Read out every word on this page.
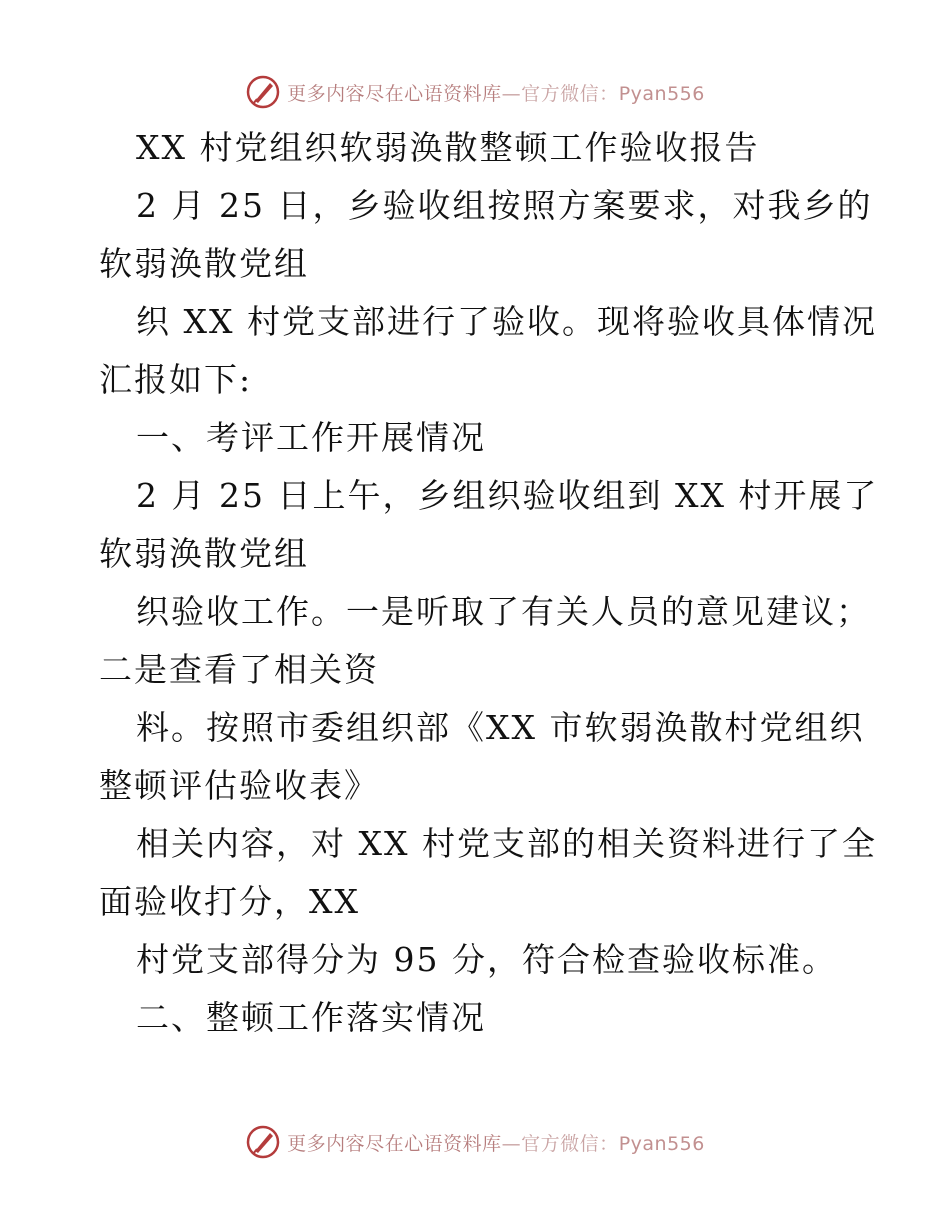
更多内容尽在心语资料库—官方微信：Pyan556
XX 村党组织软弱涣散整顿工作验收报告
2 月 25 日，乡验收组按照方案要求，对我乡的
软弱涣散党组
织 XX 村党支部进行了验收。现将验收具体情况
汇报如下:
一、考评工作开展情况
2 月 25 日上午，乡组织验收组到 XX 村开展了
软弱涣散党组
织验收工作。一是听取了有关人员的意见建议；
二是查看了相关资
料。按照市委组织部《XX 市软弱涣散村党组织
整顿评估验收表》
相关内容，对 XX 村党支部的相关资料进行了全
面验收打分，XX
村党支部得分为 95 分，符合检查验收标准。
二、整顿工作落实情况
更多内容尽在心语资料库—官方微信：Pyan556
